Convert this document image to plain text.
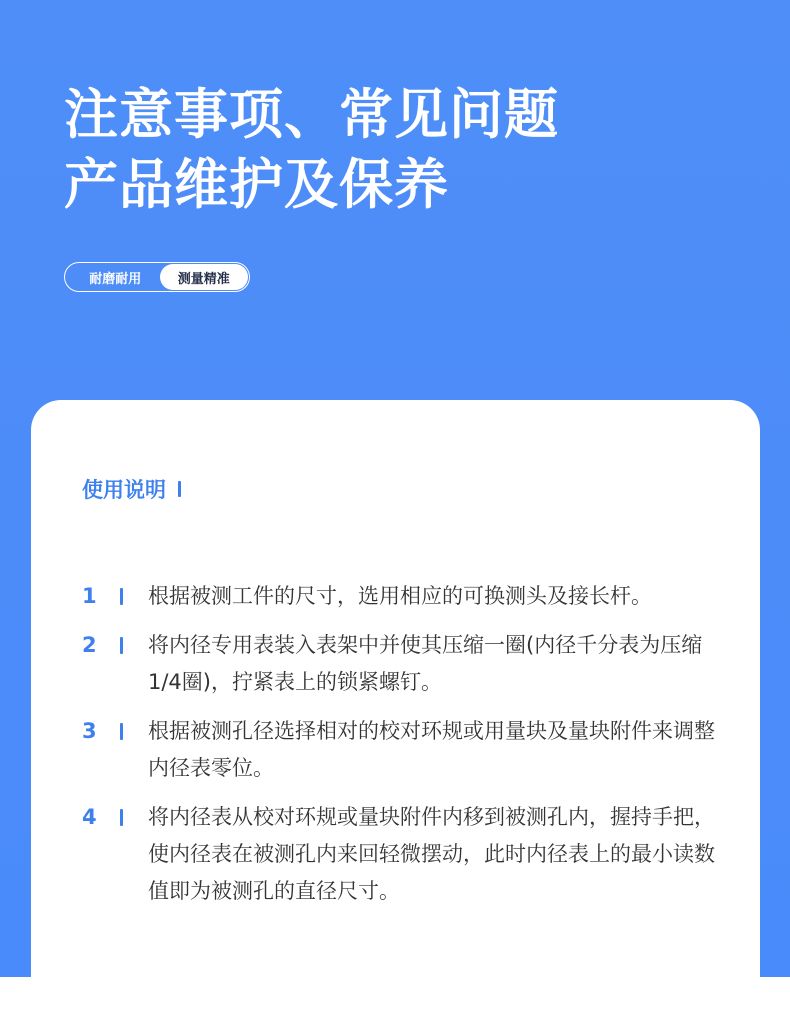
注意事项、常见问题
产品维护及保养
耐磨耐用	测量精准
使用说明
1 根据被测工件的尺寸，选用相应的可换测头及接长杆。
2 将内径专用表装入表架中并使其压缩一圈(内径千分表为压缩1/4圈)，拧紧表上的锁紧螺钉。
3 根据被测孔径选择相对的校对环规或用量块及量块附件来调整内径表零位。
4 将内径表从校对环规或量块附件内移到被测孔内，握持手把，使内径表在被测孔内来回轻微摆动，此时内径表上的最小读数值即为被测孔的直径尺寸。
